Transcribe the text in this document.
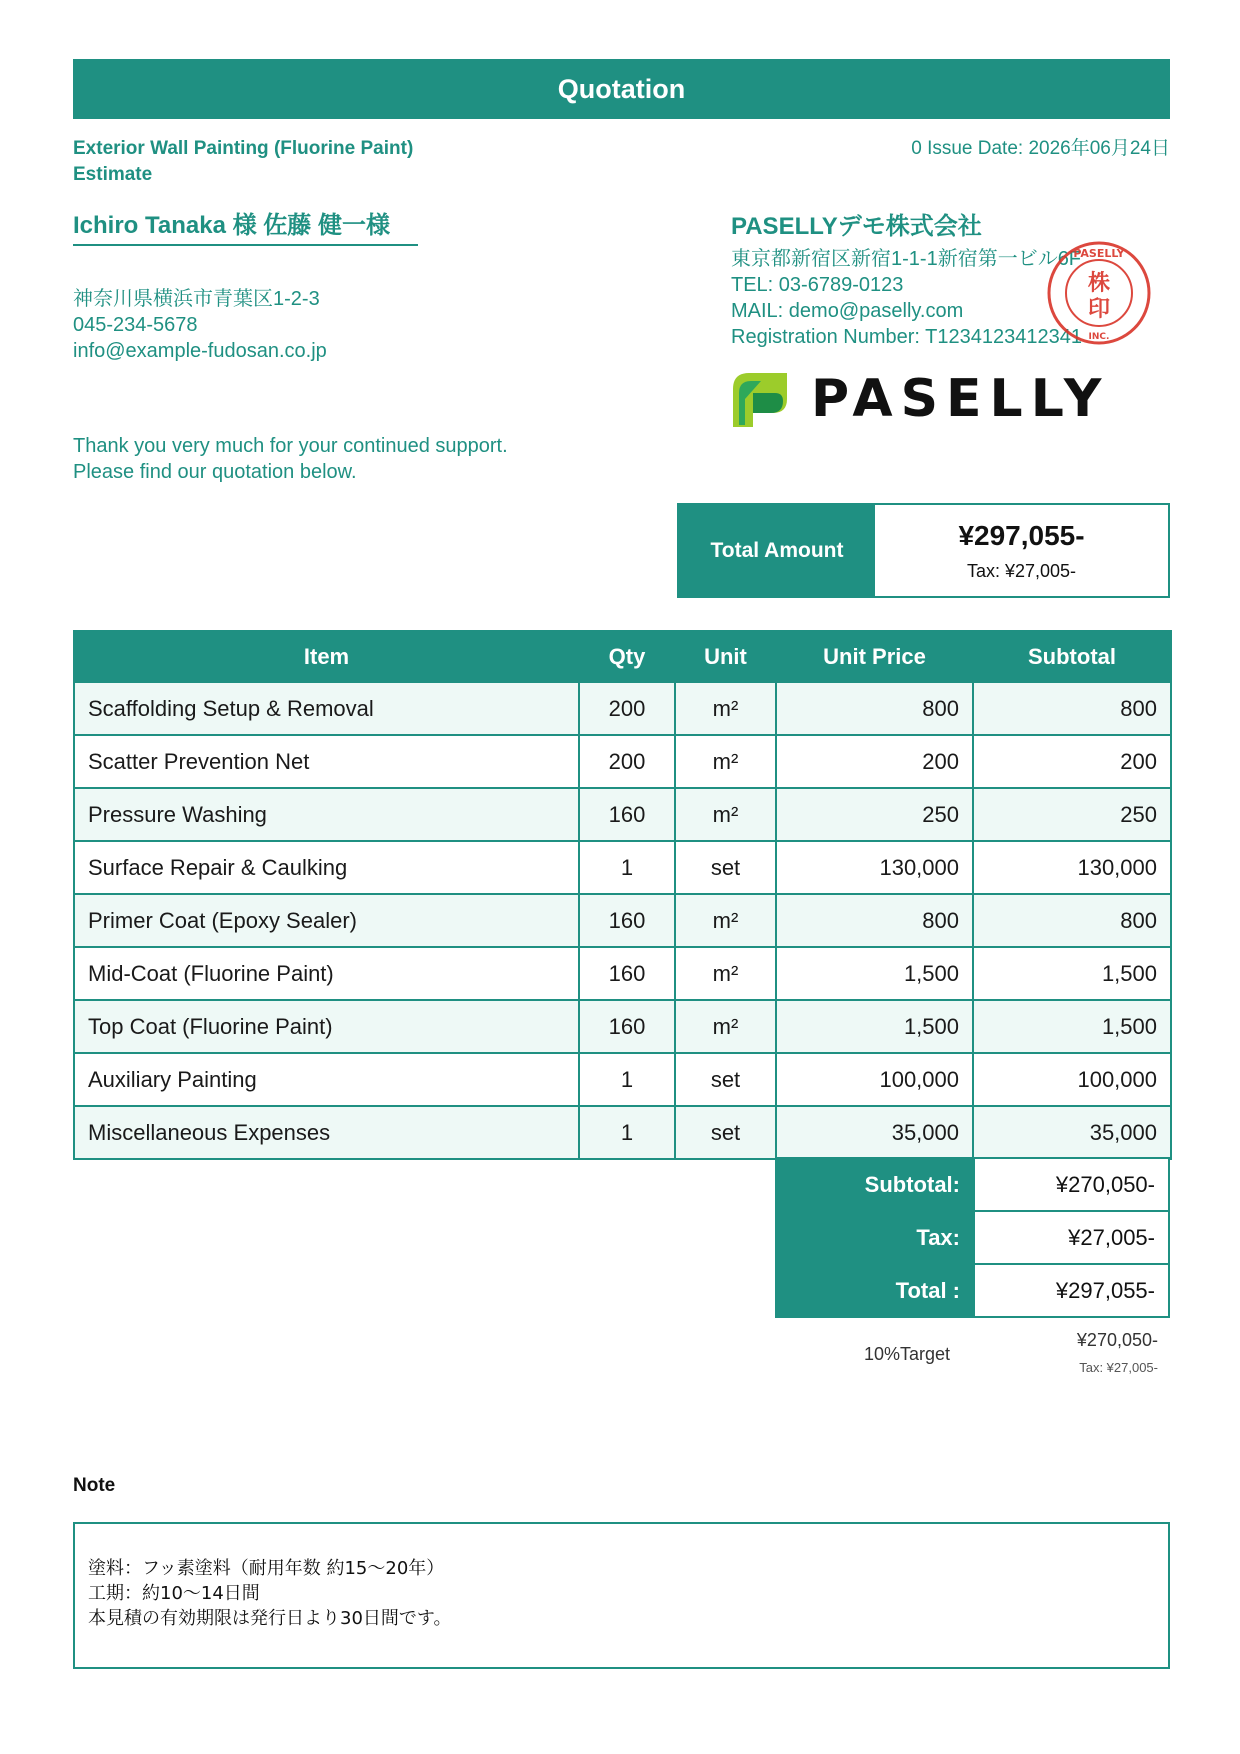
Quotation
Exterior Wall Painting (Fluorine Paint)
Estimate
0 Issue Date: 2026年06月24日
Ichiro Tanaka 様 佐藤 健一様
神奈川県横浜市青葉区1-2-3
045-234-5678
info@example-fudosan.co.jp
Thank you very much for your continued support.
Please find our quotation below.
PASELLYデモ株式会社
東京都新宿区新宿1-1-1新宿第一ビル6F
TEL: 03-6789-0123
MAIL: demo@paselly.com
Registration Number: T1234123412341
PASELLY
株
印
INC.
PASELLY
Total Amount	¥297,055-
Tax: ¥27,005-
Item	Qty	Unit	Unit Price	Subtotal
Scaffolding Setup & Removal	200	m²	800	800
Scatter Prevention Net	200	m²	200	200
Pressure Washing	160	m²	250	250
Surface Repair & Caulking	1	set	130,000	130,000
Primer Coat (Epoxy Sealer)	160	m²	800	800
Mid-Coat (Fluorine Paint)	160	m²	1,500	1,500
Top Coat (Fluorine Paint)	160	m²	1,500	1,500
Auxiliary Painting	1	set	100,000	100,000
Miscellaneous Expenses	1	set	35,000	35,000
Subtotal:	¥270,050-
Tax:	¥27,005-
Total :	¥297,055-
10%Target
¥270,050-
Tax: ¥27,005-
Note
塗料：フッ素塗料（耐用年数 約15〜20年）
工期：約10〜14日間
本見積の有効期限は発行日より30日間です。
